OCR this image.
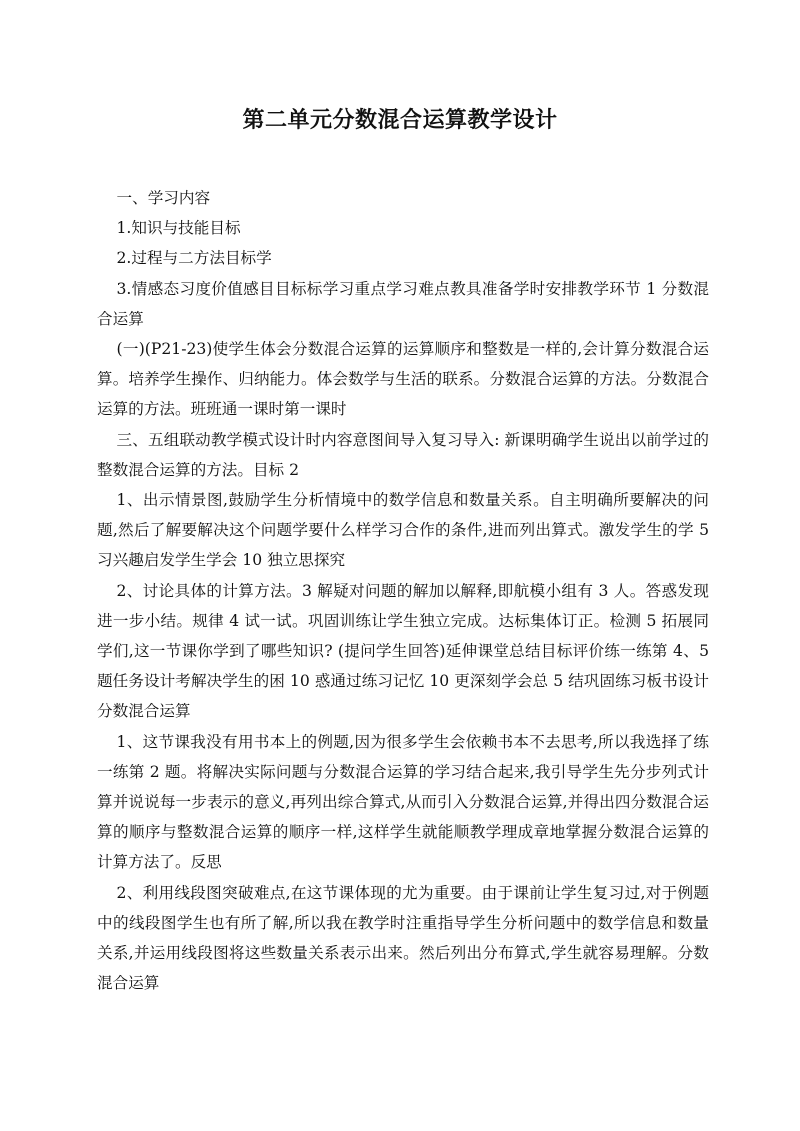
第二单元分数混合运算教学设计

一、学习内容

1.知识与技能目标

2.过程与二方法目标学

3.情感态习度价值感目目标标学习重点学习难点教具准备学时安排教学环节 1 分数混合运算

(一)(P21-23)使学生体会分数混合运算的运算顺序和整数是一样的,会计算分数混合运算。培养学生操作、归纳能力。体会数学与生活的联系。分数混合运算的方法。分数混合运算的方法。班班通一课时第一课时

三、五组联动教学模式设计时内容意图间导入复习导入: 新课明确学生说出以前学过的整数混合运算的方法。目标 2

1、出示情景图,鼓励学生分析情境中的数学信息和数量关系。自主明确所要解决的问题,然后了解要解决这个问题学要什么样学习合作的条件,进而列出算式。激发学生的学 5 习兴趣启发学生学会 10 独立思探究

2、讨论具体的计算方法。3 解疑对问题的解加以解释,即航模小组有 3 人。答惑发现进一步小结。规律 4 试一试。巩固训练让学生独立完成。达标集体订正。检测 5 拓展同学们,这一节课你学到了哪些知识? (提问学生回答)延伸课堂总结目标评价练一练第 4、5 题任务设计考解决学生的困 10 惑通过练习记忆 10 更深刻学会总 5 结巩固练习板书设计分数混合运算

1、这节课我没有用书本上的例题,因为很多学生会依赖书本不去思考,所以我选择了练一练第 2 题。将解决实际问题与分数混合运算的学习结合起来,我引导学生先分步列式计算并说说每一步表示的意义,再列出综合算式,从而引入分数混合运算,并得出四分数混合运算的顺序与整数混合运算的顺序一样,这样学生就能顺教学理成章地掌握分数混合运算的计算方法了。反思

2、利用线段图突破难点,在这节课体现的尤为重要。由于课前让学生复习过,对于例题中的线段图学生也有所了解,所以我在教学时注重指导学生分析问题中的数学信息和数量关系,并运用线段图将这些数量关系表示出来。然后列出分布算式,学生就容易理解。分数混合运算
